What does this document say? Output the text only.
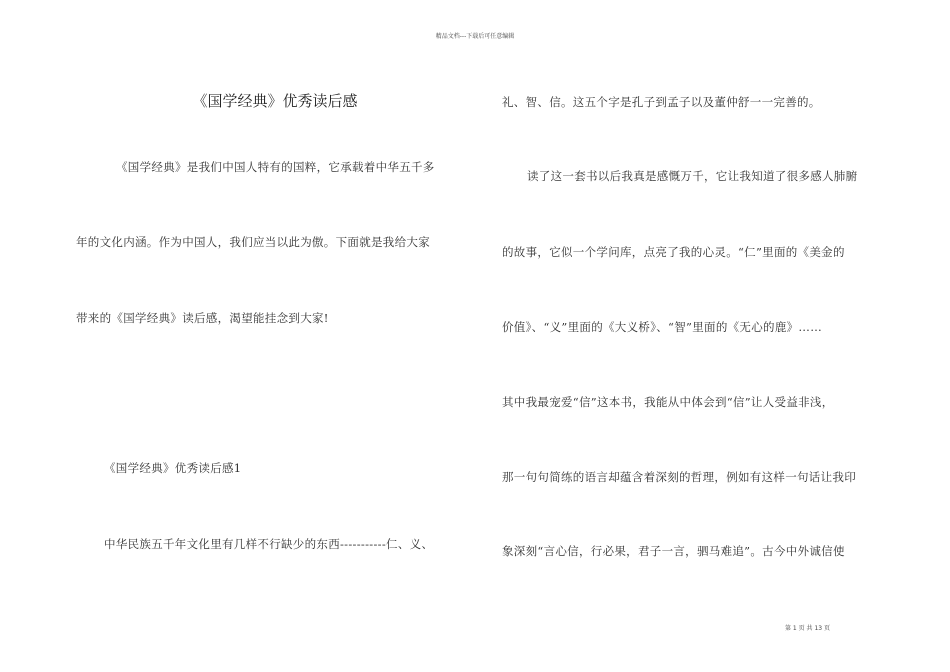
精品文档---下载后可任意编辑
《国学经典》优秀读后感
《国学经典》是我们中国人特有的国粹，它承载着中华五千多
年的文化内涵。作为中国人，我们应当以此为傲。下面就是我给大家
带来的《国学经典》读后感，渴望能挂念到大家!
《国学经典》优秀读后感1
中华民族五千年文化里有几样不行缺少的东西-----------仁、义、
礼、智、信。这五个字是孔子到孟子以及董仲舒一一完善的。
读了这一套书以后我真是感慨万千，它让我知道了很多感人肺腑
的故事，它似一个学问库，点亮了我的心灵。“仁”里面的《美金的
价值》、“义”里面的《大义桥》、“智”里面的《无心的鹿》……
其中我最宠爱“信”这本书，我能从中体会到“信”让人受益非浅，
那一句句简练的语言却蕴含着深刻的哲理，例如有这样一句话让我印
象深刻“言心信，行必果，君子一言，驷马难追”。古今中外诚信使
第 1 页 共 13 页
